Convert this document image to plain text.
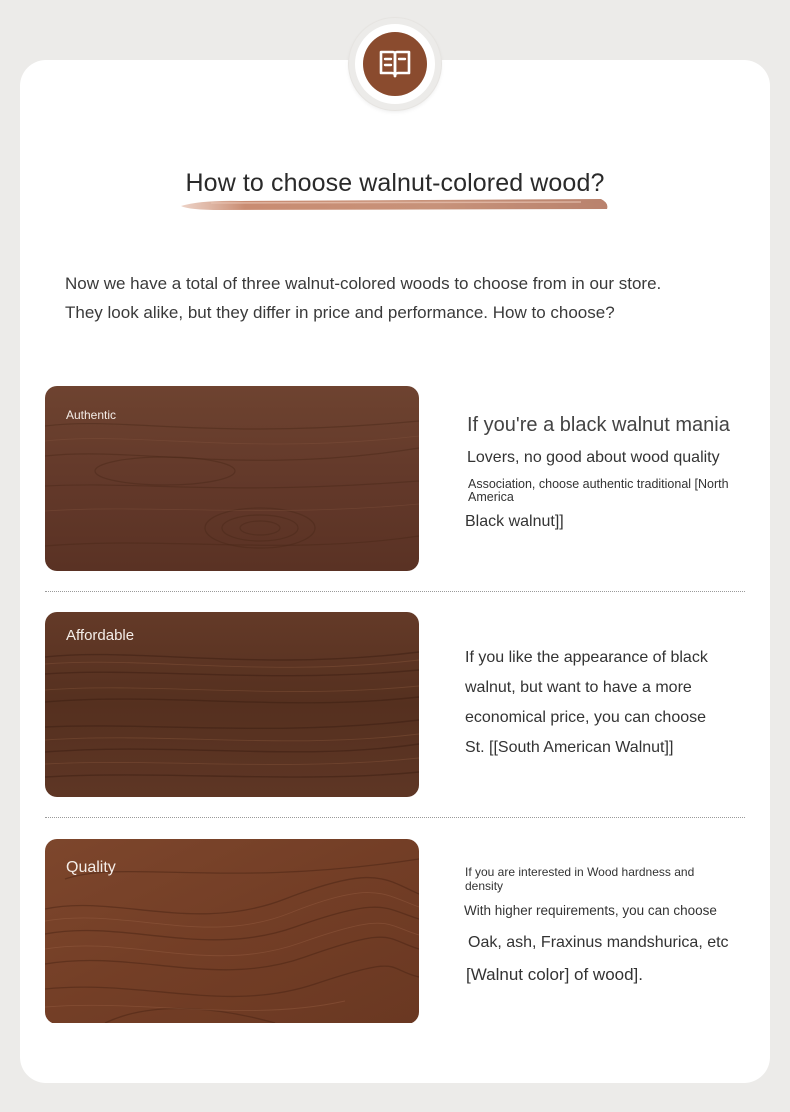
How to choose walnut-colored wood?

Now we have a total of three walnut-colored woods to choose from in our store.

They look alike, but they differ in price and performance. How to choose?

Authentic	If you're a black walnut mania
Lovers, no good about wood quality
Association, choose authentic traditional [North
America
Black walnut]]
Affordable
If you like the appearance of black
walnut, but want to have a more
economical price, you can choose
St. [[South American Walnut]]
Quality	If you are interested in Wood hardness and
density
With higher requirements, you can choose
Oak, ash, Fraxinus mandshurica, etc
[Walnut color] of wood].
